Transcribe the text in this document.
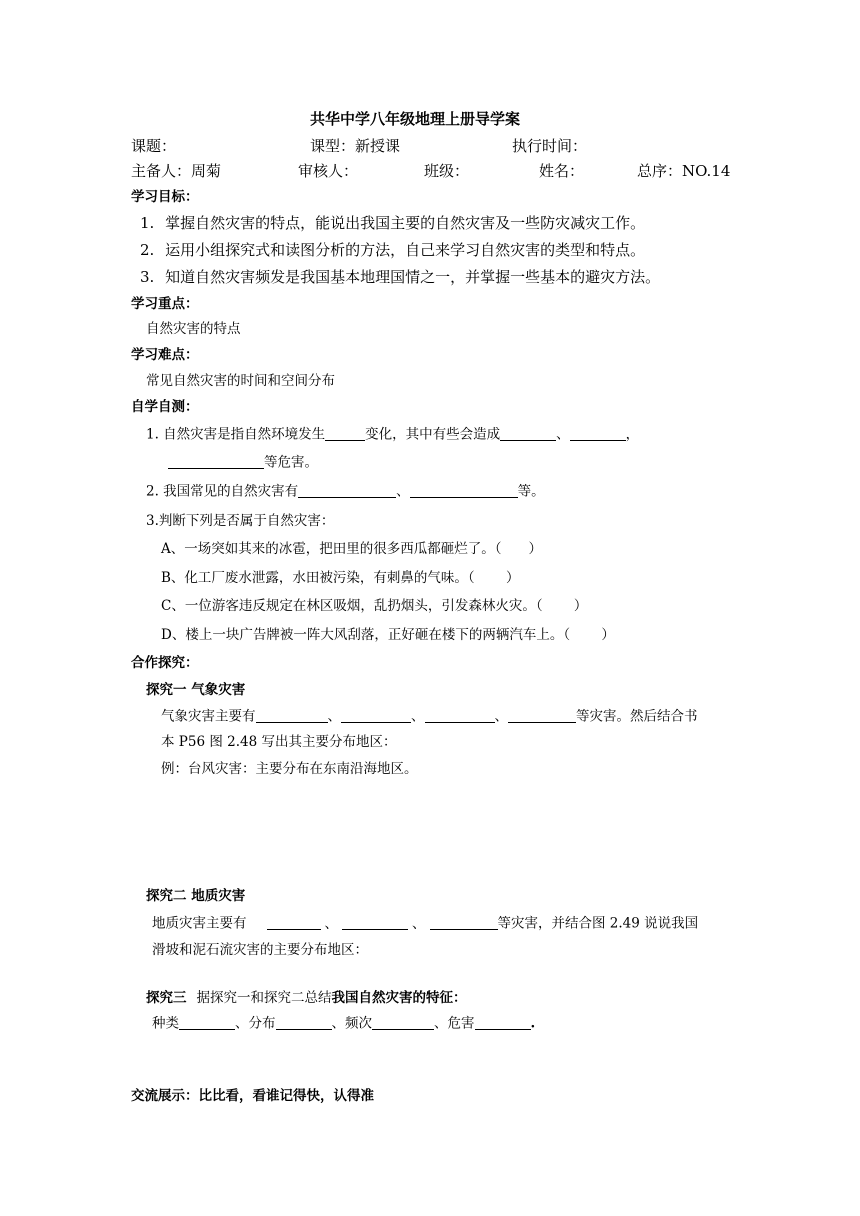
共华中学八年级地理上册导学案
课题：	课型：新授课	执行时间：
主备人：周菊	审核人：	班级：	姓名：	总序：NO.14
学习目标：
1. 掌握自然灾害的特点，能说出我国主要的自然灾害及一些防灾减灾工作。
2. 运用小组探究式和读图分析的方法，自己来学习自然灾害的类型和特点。
3. 知道自然灾害频发是我国基本地理国情之一，并掌握一些基本的避灾方法。
学习重点：
自然灾害的特点
学习难点：
常见自然灾害的时间和空间分布
自学自测：
1. 自然灾害是指自然环境发生	变化，其中有些会造成	、	，
等危害。
2. 我国常见的自然灾害有	、	等。
3.判断下列是否属于自然灾害：
A、一场突如其来的冰雹，把田里的很多西瓜都砸烂了。（　　）
B、化工厂废水泄露，水田被污染，有刺鼻的气味。（　　 ）
C、一位游客违反规定在林区吸烟，乱扔烟头，引发森林火灾。（　　 ）
D、楼上一块广告牌被一阵大风刮落，正好砸在楼下的两辆汽车上。（　　 ）
合作探究：
探究一 气象灾害
气象灾害主要有	、	、	、	等灾害。然后结合书
本 P56 图 2.48 写出其主要分布地区：
例：台风灾害：主要分布在东南沿海地区。
探究二 地质灾害
地质灾害主要有	、	、	等灾害，并结合图 2.49 说说我国
滑坡和泥石流灾害的主要分布地区：
探究三 据探究一和探究二总结我国自然灾害的特征：
种类	、分布	、频次	、危害	.
交流展示：比比看，看谁记得快，认得准
